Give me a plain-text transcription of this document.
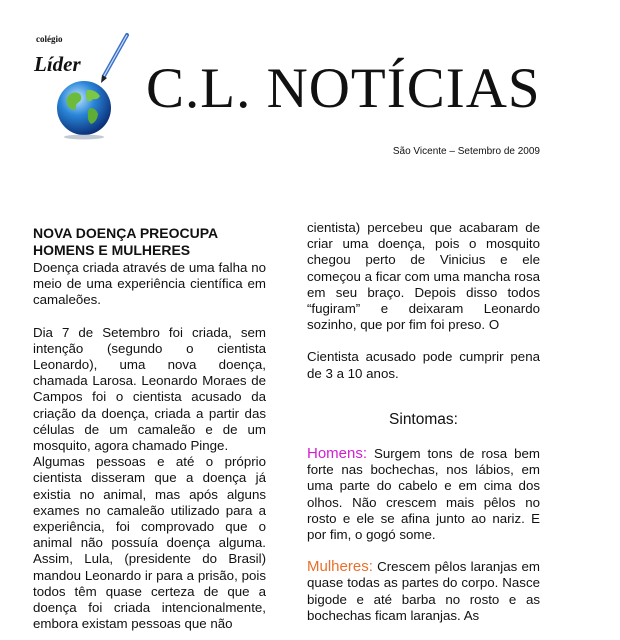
colégio
Líder C.L. NOTÍCIAS
São Vicente – Setembro de 2009
NOVA DOENÇA PREOCUPA HOMENS E MULHERES

Doença criada através de uma falha no meio de uma experiência científica em camaleões.

Dia 7 de Setembro foi criada, sem intenção (segundo o cientista Leonardo), uma nova doença, chamada Larosa. Leonardo Moraes de Campos foi o cientista acusado da criação da doença, criada a partir das células de um camaleão e de um mosquito, agora chamado Pinge.

Algumas pessoas e até o próprio cientista disseram que a doença já existia no animal, mas após alguns exames no camaleão utilizado para a experiência, foi comprovado que o animal não possuía doença alguma. Assim, Lula, (presidente do Brasil) mandou Leonardo ir para a prisão, pois todos têm quase certeza de que a doença foi criada intencionalmente, embora existam pessoas que não

cientista) percebeu que acabaram de criar uma doença, pois o mosquito chegou perto de Vinicius e ele começou a ficar com uma mancha rosa em seu braço. Depois disso todos “fugiram” e deixaram Leonardo sozinho, que por fim foi preso. O

Cientista acusado pode cumprir pena de 3 a 10 anos.

Sintomas:

Homens: Surgem tons de rosa bem forte nas bochechas, nos lábios, em uma parte do cabelo e em cima dos olhos. Não crescem mais pêlos no rosto e ele se afina junto ao nariz. E por fim, o gogó some.

Mulheres: Crescem pêlos laranjas em quase todas as partes do corpo. Nasce bigode e até barba no rosto e as bochechas ficam laranjas. As
